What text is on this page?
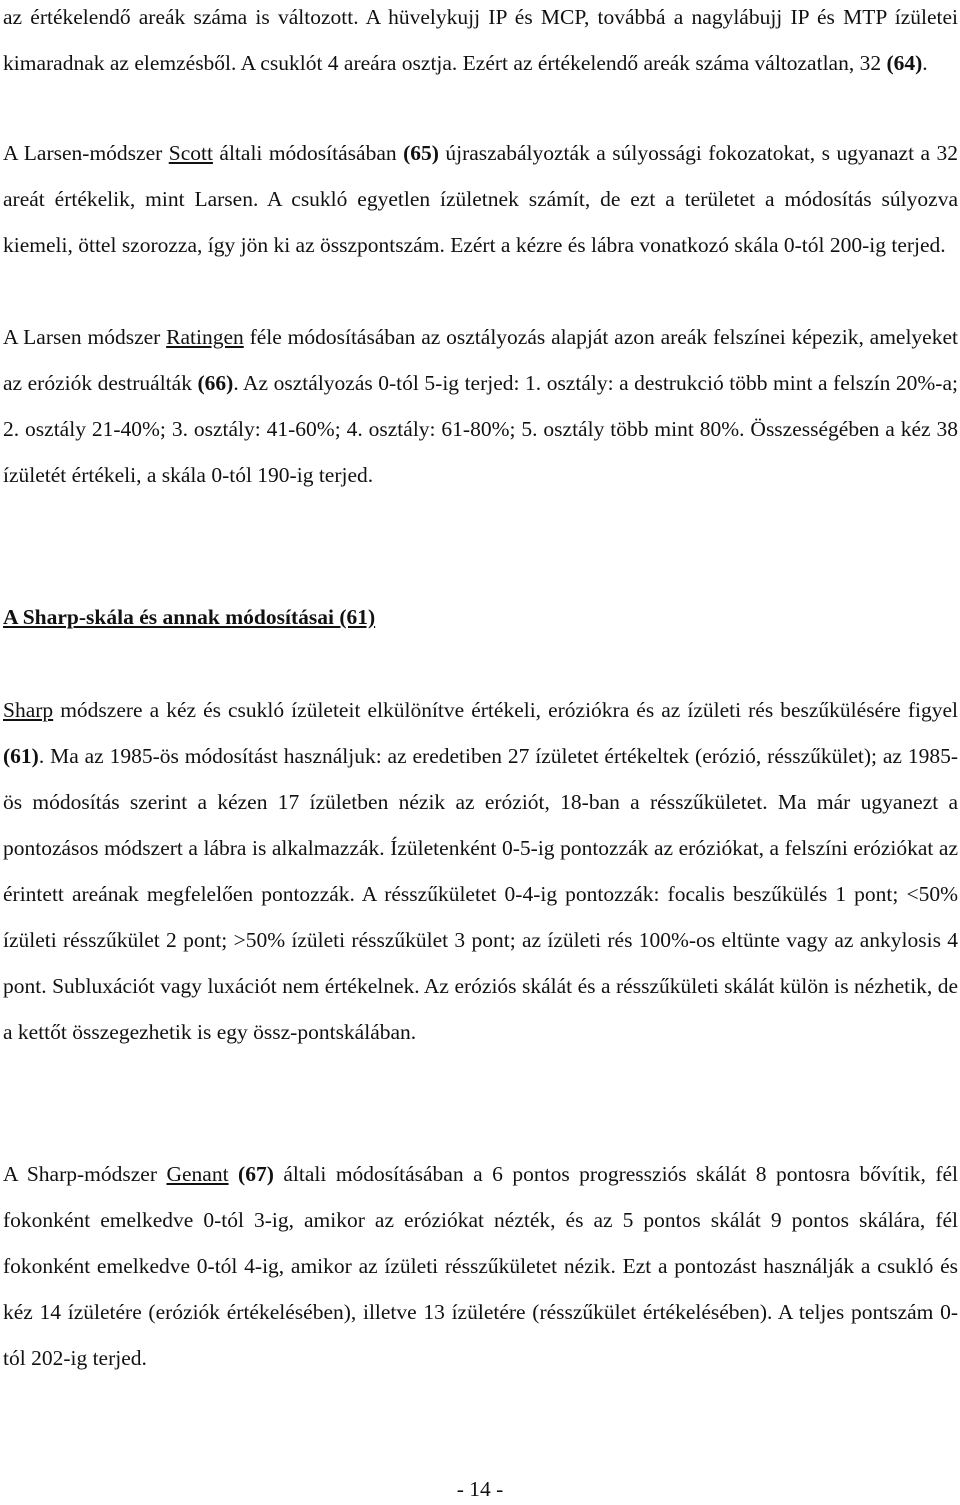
az értékelendő areák száma is változott. A hüvelykujj IP és MCP, továbbá a nagylábujj IP és MTP ízületei kimaradnak az elemzésből. A csuklót 4 areára osztja. Ezért az értékelendő areák száma változatlan, 32 (64).

A Larsen-módszer Scott általi módosításában (65) újraszabályozták a súlyossági fokozatokat, s ugyanazt a 32 areát értékelik, mint Larsen. A csukló egyetlen ízületnek számít, de ezt a területet a módosítás súlyozva kiemeli, öttel szorozza, így jön ki az összpontszám. Ezért a kézre és lábra vonatkozó skála 0-tól 200-ig terjed.

A Larsen módszer Ratingen féle módosításában az osztályozás alapját azon areák felszínei képezik, amelyeket az eróziók destruálták (66). Az osztályozás 0-tól 5-ig terjed: 1. osztály: a destrukció több mint a felszín 20%-a; 2. osztály 21-40%; 3. osztály: 41-60%; 4. osztály: 61-80%; 5. osztály több mint 80%. Összességében a kéz 38 ízületét értékeli, a skála 0-tól 190-ig terjed.

A Sharp-skála és annak módosításai (61)

Sharp módszere a kéz és csukló ízületeit elkülönítve értékeli, eróziókra és az ízületi rés beszűkülésére figyel (61). Ma az 1985-ös módosítást használjuk: az eredetiben 27 ízületet értékeltek (erózió, résszűkület); az 1985-ös módosítás szerint a kézen 17 ízületben nézik az eróziót, 18-ban a résszűkületet. Ma már ugyanezt a pontozásos módszert a lábra is alkalmazzák. Ízületenként 0-5-ig pontozzák az eróziókat, a felszíni eróziókat az érintett areának megfelelően pontozzák. A résszűkületet 0-4-ig pontozzák: focalis beszűkülés 1 pont; <50% ízületi résszűkület 2 pont; >50% ízületi résszűkület 3 pont; az ízületi rés 100%-os eltünte vagy az ankylosis 4 pont. Subluxációt vagy luxációt nem értékelnek. Az eróziós skálát és a résszűkületi skálát külön is nézhetik, de a kettőt összegezhetik is egy össz-pontskálában.

A Sharp-módszer Genant (67) általi módosításában a 6 pontos progressziós skálát 8 pontosra bővítik, fél fokonként emelkedve 0-tól 3-ig, amikor az eróziókat nézték, és az 5 pontos skálát 9 pontos skálára, fél fokonként emelkedve 0-tól 4-ig, amikor az ízületi résszűkületet nézik. Ezt a pontozást használják a csukló és kéz 14 ízületére (eróziók értékelésében), illetve 13 ízületére (résszűkület értékelésében). A teljes pontszám 0-tól 202-ig terjed.

- 14 -
